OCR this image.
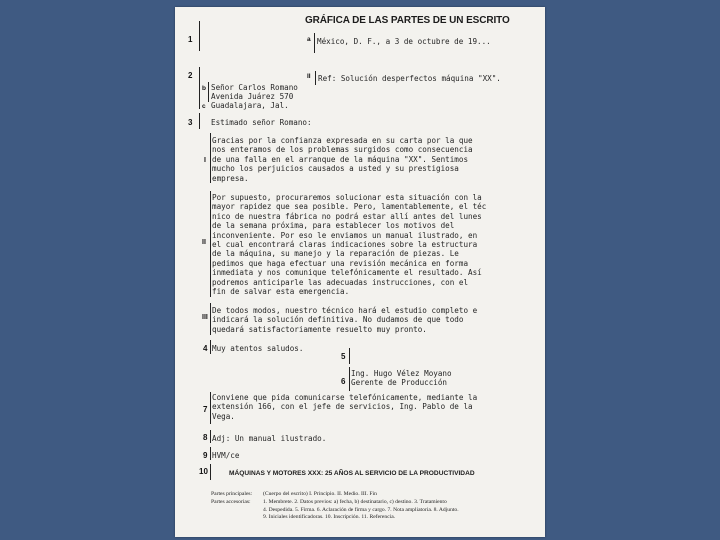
GRÁFICA DE LAS PARTES DE UN ESCRITO
1	a México, D. F., a 3 de octubre de 19...
2	II Ref: Solución desperfectos máquina "XX".
b Señor Carlos Romano
Avenida Juárez 570
c Guadalajara, Jal.
3 Estimado señor Romano:
I
Gracias por la confianza expresada en su carta por la que
nos enteramos de los problemas surgidos como consecuencia
de una falla en el arranque de la máquina "XX". Sentimos
mucho los perjuicios causados a usted y su prestigiosa
empresa.
II
Por supuesto, procuraremos solucionar esta situación con la
mayor rapidez que sea posible. Pero, lamentablemente, el téc
nico de nuestra fábrica no podrá estar allí antes del lunes
de la semana próxima, para establecer los motivos del
inconveniente. Por eso le enviamos un manual ilustrado, en
el cual encontrará claras indicaciones sobre la estructura
de la máquina, su manejo y la reparación de piezas. Le
pedimos que haga efectuar una revisión mecánica en forma
inmediata y nos comunique telefónicamente el resultado. Así
podremos anticiparle las adecuadas instrucciones, con el
fin de salvar esta emergencia.
III
De todos modos, nuestro técnico hará el estudio completo e
indicará la solución definitiva. No dudamos de que todo
quedará satisfactoriamente resuelto muy pronto.
4 Muy atentos saludos.
5
6
Ing. Hugo Vélez Moyano
Gerente de Producción
7
Conviene que pida comunicarse telefónicamente, mediante la
extensión 166, con el jefe de servicios, Ing. Pablo de la
Vega.
8 Adj: Un manual ilustrado.
9 HVM/ce
10	MÁQUINAS Y MOTORES XXX: 25 AÑOS AL SERVICIO DE LA PRODUCTIVIDAD
Partes principales: (Cuerpo del escrito) I. Principio. II. Medio. III. Fin
Partes accesorias: 1. Membrete. 2. Datos previos: a) fecha, b) destinatario, c) destino. 3. Tratamiento
4. Despedida. 5. Firma. 6. Aclaración de firma y cargo. 7. Nota ampliatoria. 8. Adjunto.
9. Iniciales identificadoras. 10. Inscripción. 11. Referencia.
